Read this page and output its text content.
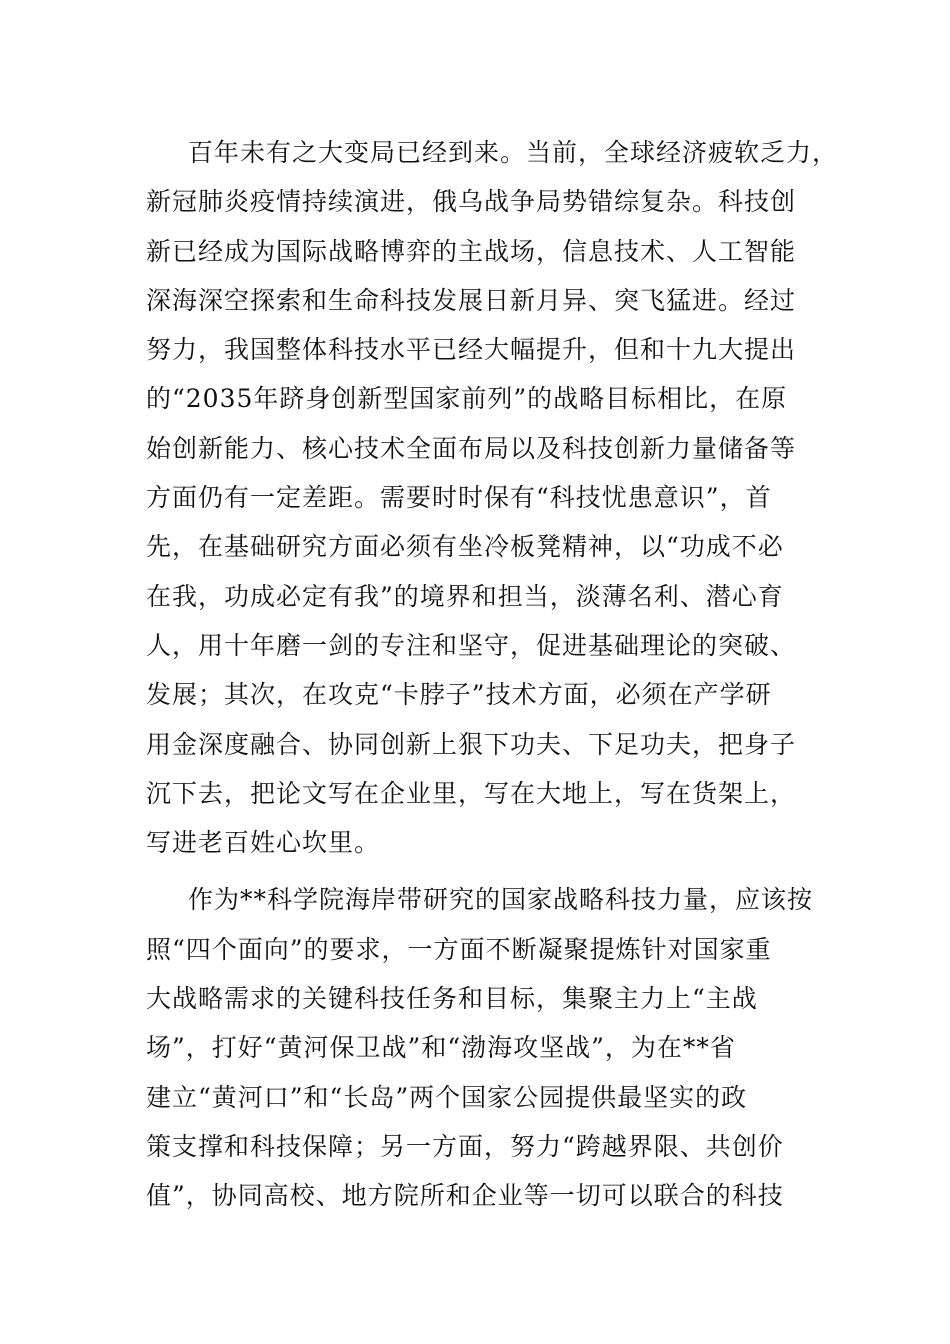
百年未有之大变局已经到来。当前，全球经济疲软乏力，
新冠肺炎疫情持续演进，俄乌战争局势错综复杂。科技创
新已经成为国际战略博弈的主战场，信息技术、人工智能
深海深空探索和生命科技发展日新月异、突飞猛进。经过
努力，我国整体科技水平已经大幅提升，但和十九大提出
的“2035年跻身创新型国家前列”的战略目标相比，在原
始创新能力、核心技术全面布局以及科技创新力量储备等
方面仍有一定差距。需要时时保有“科技忧患意识”，首
先，在基础研究方面必须有坐冷板凳精神，以“功成不必
在我，功成必定有我”的境界和担当，淡薄名利、潜心育
人，用十年磨一剑的专注和坚守，促进基础理论的突破、
发展；其次，在攻克“卡脖子”技术方面，必须在产学研
用金深度融合、协同创新上狠下功夫、下足功夫，把身子
沉下去，把论文写在企业里，写在大地上，写在货架上，
写进老百姓心坎里。
作为**科学院海岸带研究的国家战略科技力量，应该按
照“四个面向”的要求，一方面不断凝聚提炼针对国家重
大战略需求的关键科技任务和目标，集聚主力上“主战
场”，打好“黄河保卫战”和“渤海攻坚战”，为在**省
建立“黄河口”和“长岛”两个国家公园提供最坚实的政
策支撑和科技保障；另一方面，努力“跨越界限、共创价
值”，协同高校、地方院所和企业等一切可以联合的科技
